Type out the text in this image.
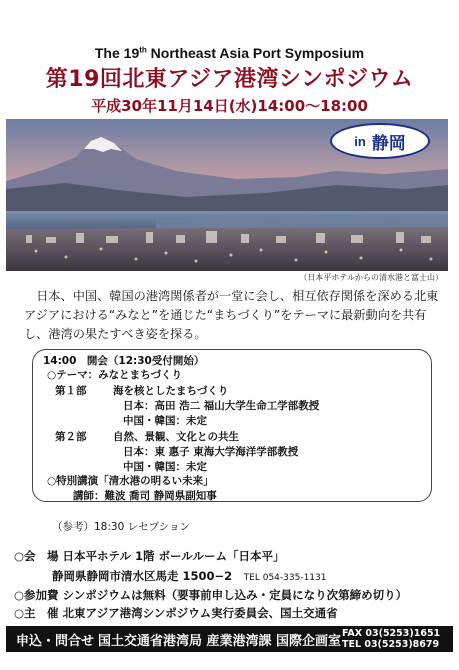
The 19th Northeast Asia Port Symposium
第19回北東アジア港湾シンポジウム
平成30年11月14日(水)14:00〜18:00
in 静岡
（日本平ホテルからの清水港と富士山）

日本、中国、韓国の港湾関係者が一堂に会し、相互依存関係を深める北東アジアにおける“みなと”を通じた“まちづくり”をテーマに最新動向を共有し、港湾の果たすべき姿を探る。

14:00　開会（12:30受付開始）
○テーマ：みなとまちづくり
第１部	海を核としたまちづくり
日本：高田 浩二 福山大学生命工学部教授
中国・韓国：未定
第２部	自然、景観、文化との共生
日本：東 惠子 東海大学海洋学部教授
中国・韓国：未定
○特別講演「清水港の明るい未来」
講師：難波 喬司 静岡県副知事
（参考）18:30 レセプション
○会　場 日本平ホテル 1階 ボールルーム「日本平」
静岡県静岡市清水区馬走 1500−2　 TEL 054-335-1131
○参加費 シンポジウムは無料（要事前申し込み・定員になり次第締め切り）
○主　催 北東アジア港湾シンポジウム実行委員会、国土交通省
申込・問合せ 国土交通省港湾局 産業港湾課 国際企画室
FAX 03(5253)1651
TEL 03(5253)8679
